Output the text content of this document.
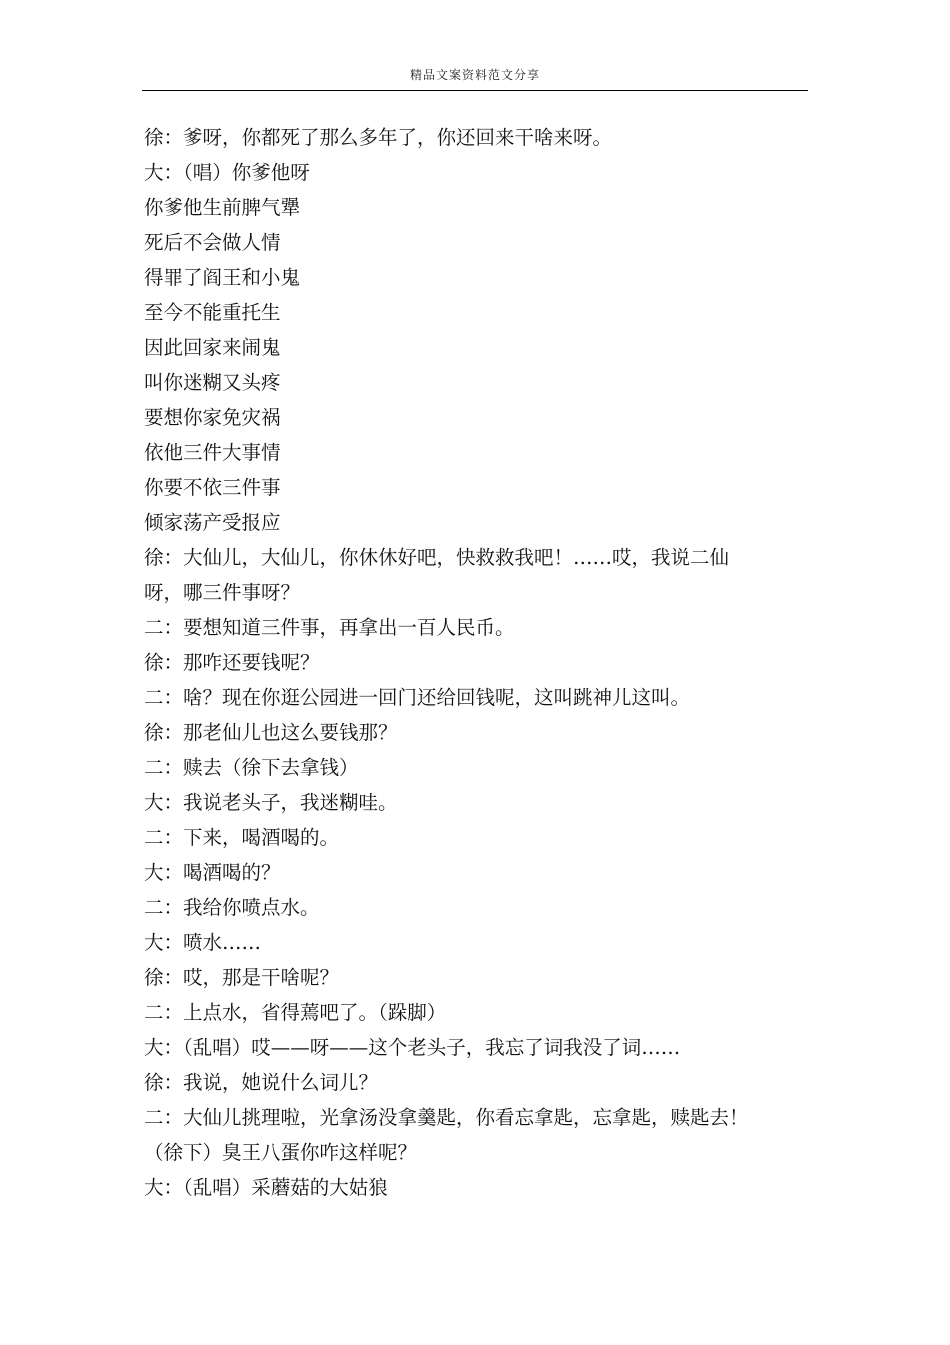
精品文案资料范文分享
徐：爹呀，你都死了那么多年了，你还回来干啥来呀。
大：（唱）你爹他呀
你爹他生前脾气犟
死后不会做人情
得罪了阎王和小鬼
至今不能重托生
因此回家来闹鬼
叫你迷糊又头疼
要想你家免灾祸
依他三件大事情
你要不依三件事
倾家荡产受报应
徐：大仙儿，大仙儿，你休休好吧，快救救我吧！……哎，我说二仙
呀，哪三件事呀？
二：要想知道三件事，再拿出一百人民币。
徐：那咋还要钱呢？
二：啥？现在你逛公园进一回门还给回钱呢，这叫跳神儿这叫。
徐：那老仙儿也这么要钱那？
二：赎去（徐下去拿钱）
大：我说老头子，我迷糊哇。
二：下来，喝酒喝的。
大：喝酒喝的？
二：我给你喷点水。
大：喷水……
徐：哎，那是干啥呢？
二：上点水，省得蔫吧了。（跺脚）
大：（乱唱）哎——呀——这个老头子，我忘了词我没了词……
徐：我说，她说什么词儿？
二：大仙儿挑理啦，光拿汤没拿羹匙，你看忘拿匙，忘拿匙，赎匙去！
（徐下）臭王八蛋你咋这样呢？
大：（乱唱）采蘑菇的大姑狼
